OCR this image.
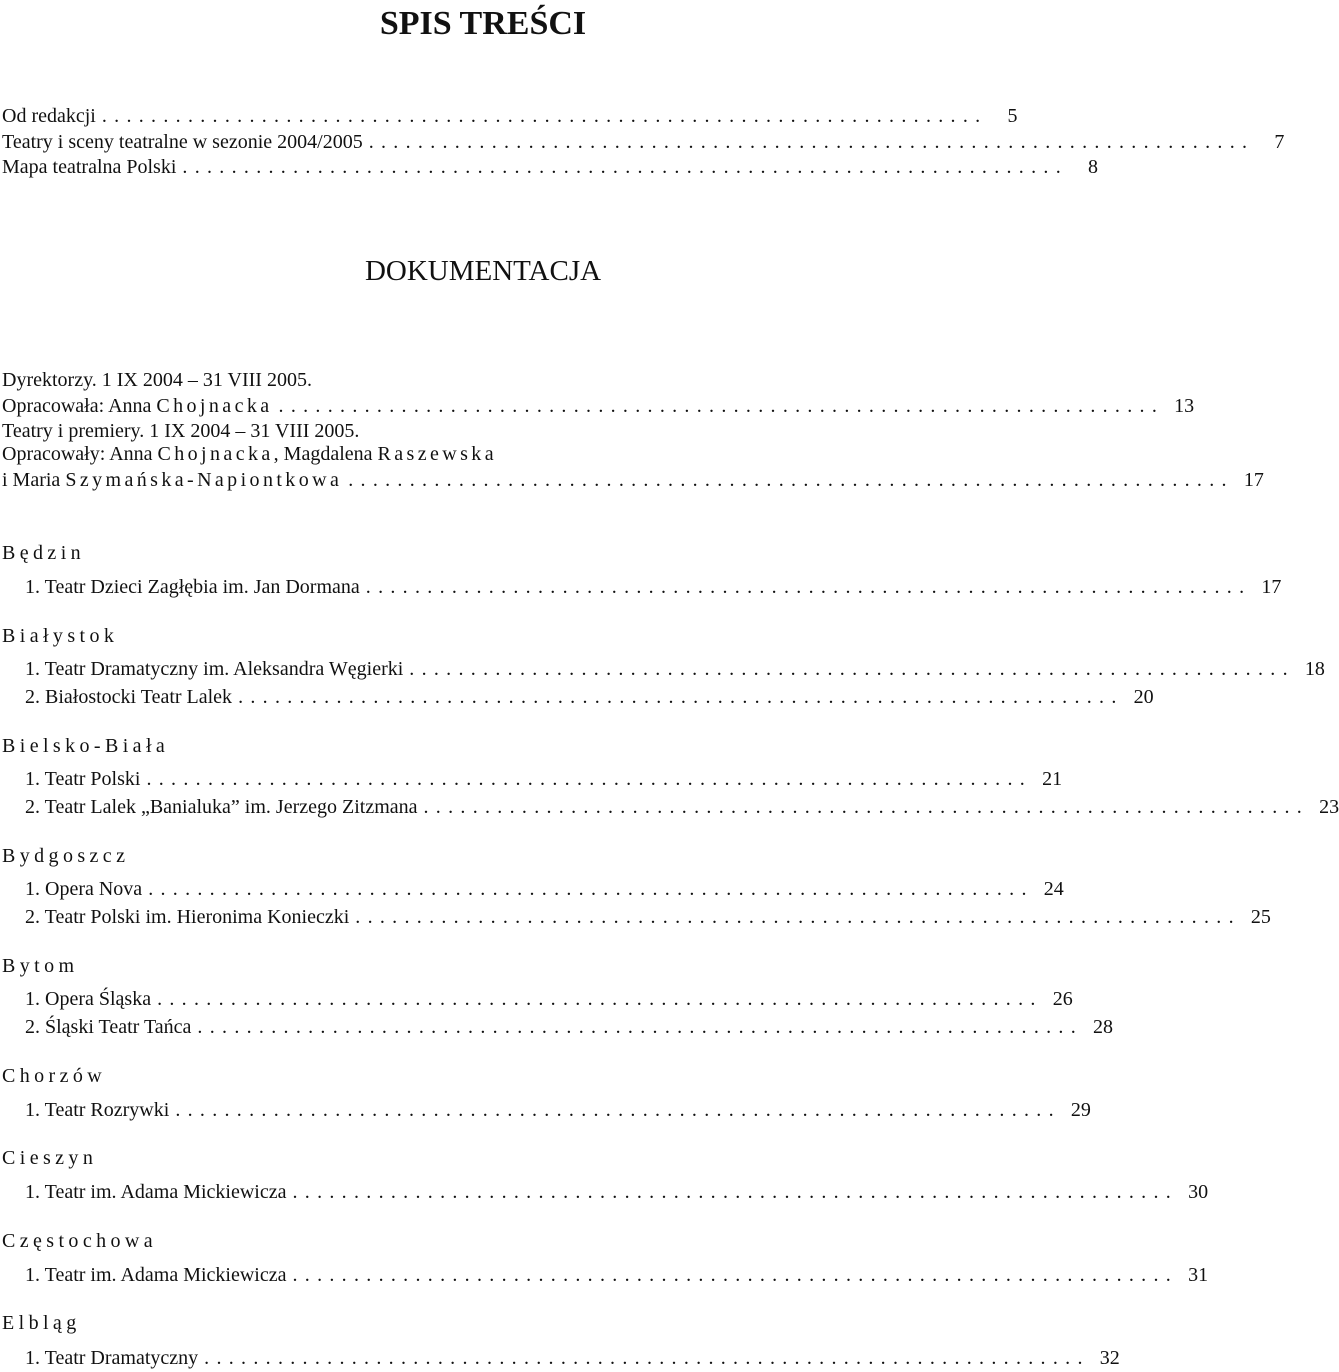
SPIS TREŚCI
Od redakcji ........................................................................	5
Teatry i sceny teatralne w sezonie 2004/2005 ........................................................................	7
Mapa teatralna Polski ........................................................................	8
DOKUMENTACJA
Dyrektorzy. 1 IX 2004 – 31 VIII 2005.
Opracowała: Anna Chojnacka ........................................................................ 13
Teatry i premiery. 1 IX 2004 – 31 VIII 2005.
Opracowały: Anna Chojnacka, Magdalena Raszewska
i Maria Szymańska-Napiontkowa ........................................................................ 17
Będzin
1. Teatr Dzieci Zagłębia im. Jan Dormana ........................................................................ 17
Białystok
1. Teatr Dramatyczny im. Aleksandra Węgierki ........................................................................ 18
2. Białostocki Teatr Lalek ........................................................................ 20
Bielsko-Biała
1. Teatr Polski ........................................................................ 21
2. Teatr Lalek „Banialuka” im. Jerzego Zitzmana ........................................................................ 23
Bydgoszcz
1. Opera Nova ........................................................................ 24
2. Teatr Polski im. Hieronima Konieczki ........................................................................ 25
Bytom
1. Opera Śląska ........................................................................ 26
2. Śląski Teatr Tańca ........................................................................ 28
Chorzów
1. Teatr Rozrywki ........................................................................ 29
Cieszyn
1. Teatr im. Adama Mickiewicza ........................................................................ 30
Częstochowa
1. Teatr im. Adama Mickiewicza ........................................................................ 31
Elbląg
1. Teatr Dramatyczny ........................................................................ 32
